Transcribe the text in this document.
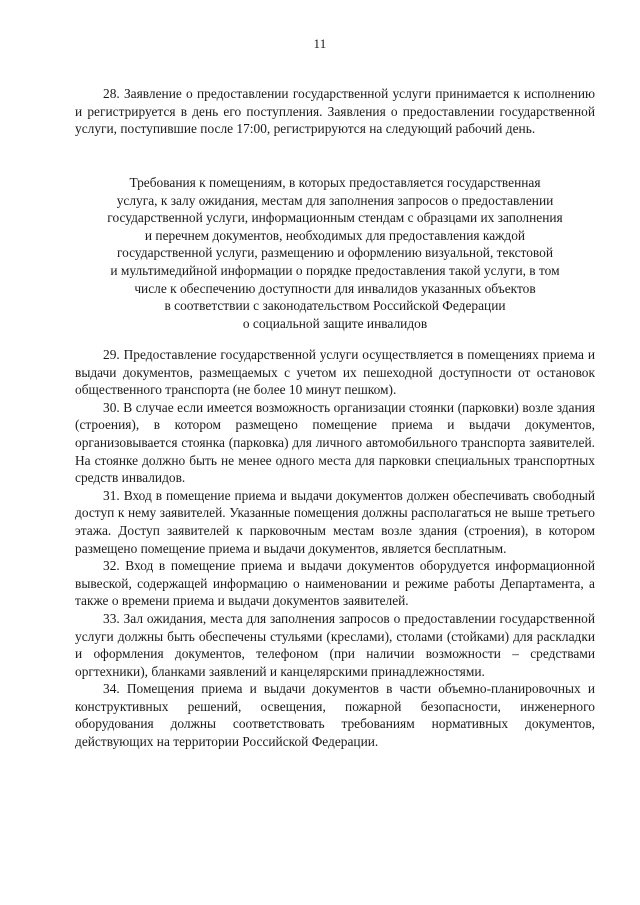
11

28. Заявление о предоставлении государственной услуги принимается к исполнению и регистрируется в день его поступления. Заявления о предоставлении государственной услуги, поступившие после 17:00, регистрируются на следующий рабочий день.

Требования к помещениям, в которых предоставляется государственная
услуга, к залу ожидания, местам для заполнения запросов о предоставлении
государственной услуги, информационным стендам с образцами их заполнения
и перечнем документов, необходимых для предоставления каждой
государственной услуги, размещению и оформлению визуальной, текстовой
и мультимедийной информации о порядке предоставления такой услуги, в том
числе к обеспечению доступности для инвалидов указанных объектов
в соответствии с законодательством Российской Федерации
о социальной защите инвалидов

29. Предоставление государственной услуги осуществляется в помещениях приема и выдачи документов, размещаемых с учетом их пешеходной доступности от остановок общественного транспорта (не более 10 минут пешком).

30. В случае если имеется возможность организации стоянки (парковки) возле здания (строения), в котором размещено помещение приема и выдачи документов, организовывается стоянка (парковка) для личного автомобильного транспорта заявителей. На стоянке должно быть не менее одного места для парковки специальных транспортных средств инвалидов.

31. Вход в помещение приема и выдачи документов должен обеспечивать свободный доступ к нему заявителей. Указанные помещения должны располагаться не выше третьего этажа. Доступ заявителей к парковочным местам возле здания (строения), в котором размещено помещение приема и выдачи документов, является бесплатным.

32. Вход в помещение приема и выдачи документов оборудуется информационной вывеской, содержащей информацию о наименовании и режиме работы Департамента, а также о времени приема и выдачи документов заявителей.

33. Зал ожидания, места для заполнения запросов о предоставлении государственной услуги должны быть обеспечены стульями (креслами), столами (стойками) для раскладки и оформления документов, телефоном (при наличии возможности – средствами оргтехники), бланками заявлений и канцелярскими принадлежностями.

34. Помещения приема и выдачи документов в части объемно-планировочных и конструктивных решений, освещения, пожарной безопасности, инженерного оборудования должны соответствовать требованиям нормативных документов, действующих на территории Российской Федерации.
